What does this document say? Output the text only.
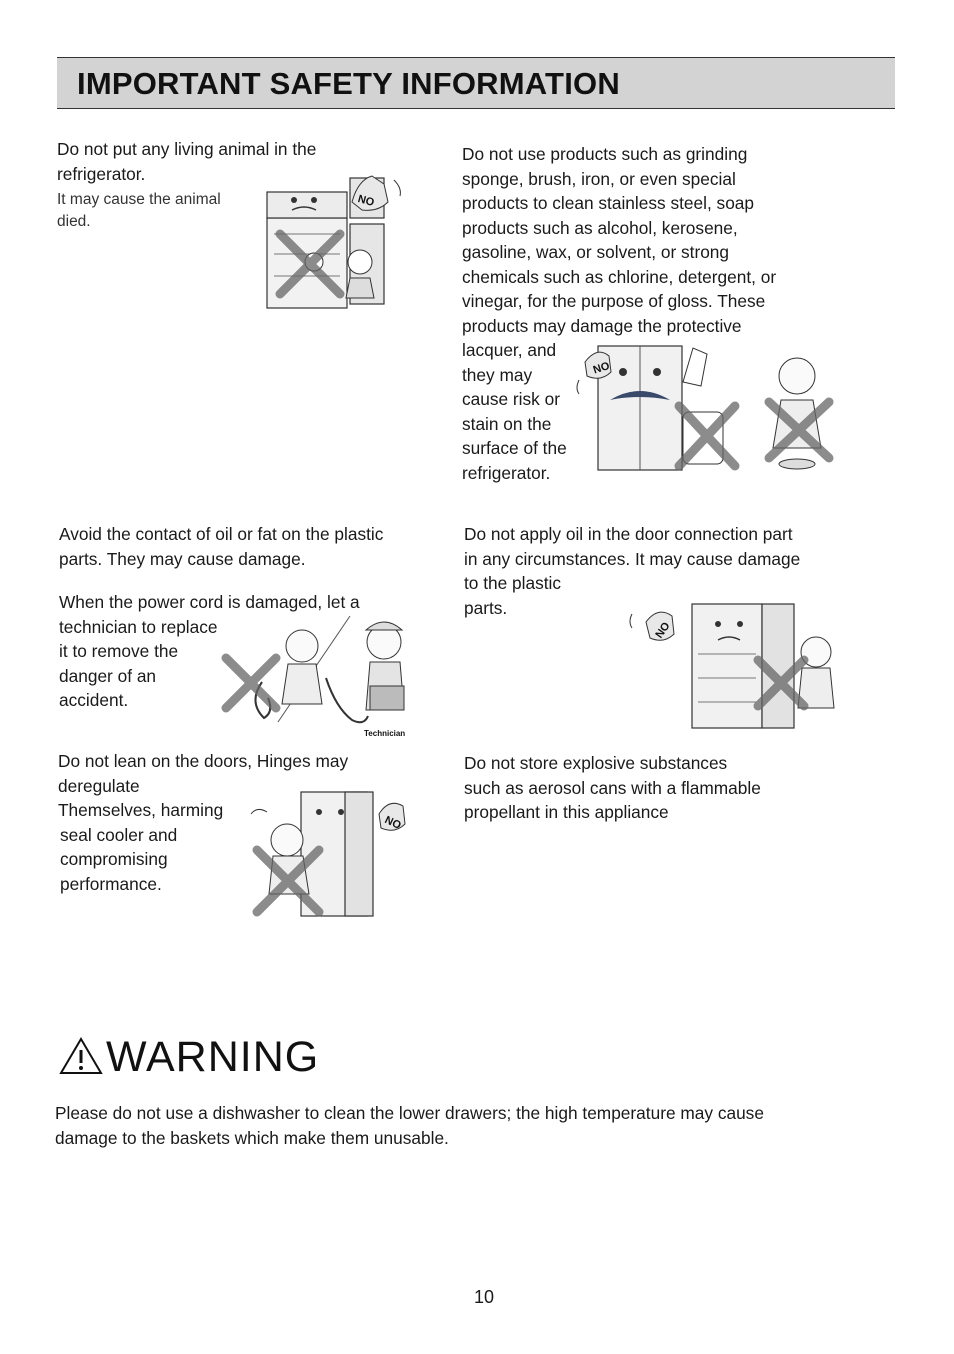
IMPORTANT SAFETY INFORMATION
Do not put any living animal in the
refrigerator.
It may cause the animal
died.
NO
Do not use products such as grinding
sponge, brush, iron, or even special
products to clean stainless steel, soap
products such as alcohol, kerosene,
gasoline, wax, or solvent, or strong
chemicals such as chlorine, detergent, or
vinegar, for the purpose of gloss. These
products may damage the protective
lacquer, and
they may
cause risk or
stain on the
surface of the
refrigerator.
NO
Avoid the contact of oil or fat on the plastic
parts. They may cause damage.
When the power cord is damaged, let a
technician to replace
it to remove the
danger of an
accident.
Technician
Do not apply oil in the door connection part
in any circumstances. It may cause damage
to the plastic
parts.
NO
Do not lean on the doors, Hinges may
deregulate
Themselves, harming
seal cooler and
compromising
performance.
NO
Do not store explosive substances
such as aerosol cans with a flammable
propellant in this appliance
WARNING
Please do not use a dishwasher to clean the lower drawers; the high temperature may cause
damage to the baskets which make them unusable.
10
